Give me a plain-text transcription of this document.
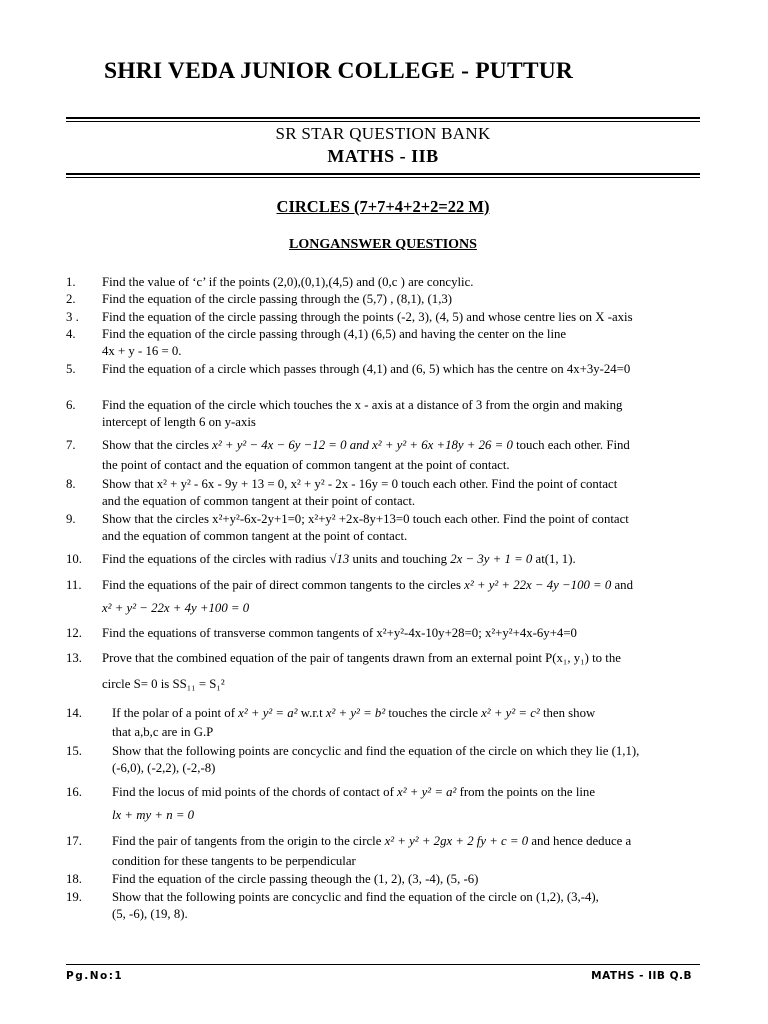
SHRI VEDA JUNIOR COLLEGE - PUTTUR
SR STAR QUESTION BANK
MATHS - IIB
CIRCLES (7+7+4+2+2=22 M)
LONGANSWER QUESTIONS
1.	Find the value of ‘c’ if the points (2,0),(0,1),(4,5) and (0,c ) are concylic.
2.	Find the equation of the circle passing through the (5,7) , (8,1), (1,3)
3 .	Find the equation of the circle passing through the points (-2, 3), (4, 5) and whose centre lies on X -axis
4.	Find the equation of the circle passing through (4,1) (6,5) and having the center on the line
4x + y - 16 = 0.
5.	Find the equation of a circle which passes through (4,1) and (6, 5) which has the centre on 4x+3y-24=0
6.	Find the equation of the circle which touches the x - axis at a distance of 3 from the orgin and making
intercept of length 6 on y-axis
7.	Show that the circles x² + y² − 4x − 6y −12 = 0 and x² + y² + 6x +18y + 26 = 0 touch each other. Find
the point of contact and the equation of common tangent at the point of contact.
8.	Show that x² + y² - 6x - 9y + 13 = 0, x² + y² - 2x - 16y = 0 touch each other. Find the point of contact
and the equation of common tangent at their point of contact.
9.	Show that the circles x²+y²-6x-2y+1=0; x²+y² +2x-8y+13=0 touch each other. Find the point of contact
and the equation of common tangent at the point of contact.
10.	Find the equations of the circles with radius √13 units and touching 2x − 3y + 1 = 0 at(1, 1).
11.	Find the equations of the pair of direct common tangents to the circles x² + y² + 22x − 4y −100 = 0 and
x² + y² − 22x + 4y +100 = 0
12.	Find the equations of transverse common tangents of x²+y²-4x-10y+28=0; x²+y²+4x-6y+4=0
13.	Prove that the combined equation of the pair of tangents drawn from an external point P(x₁, y₁) to the
circle S= 0 is SS₁₁ = S₁²
14.	If the polar of a point of x² + y² = a² w.r.t x² + y² = b² touches the circle x² + y² = c² then show
that a,b,c are in G.P
15.	Show that the following points are concyclic and find the equation of the circle on which they lie (1,1),
(-6,0), (-2,2), (-2,-8)
16.	Find the locus of mid points of the chords of contact of x² + y² = a² from the points on the line
lx + my + n = 0
17.	Find the pair of tangents from the origin to the circle x² + y² + 2gx + 2 fy + c = 0 and hence deduce a
condition for these tangents to be perpendicular
18.	Find the equation of the circle passing theough the (1, 2), (3, -4), (5, -6)
19.	Show that the following points are concyclic and find the equation of the circle on (1,2), (3,-4),
(5, -6), (19, 8).
Pg.No:1	MATHS - IIB Q.B
